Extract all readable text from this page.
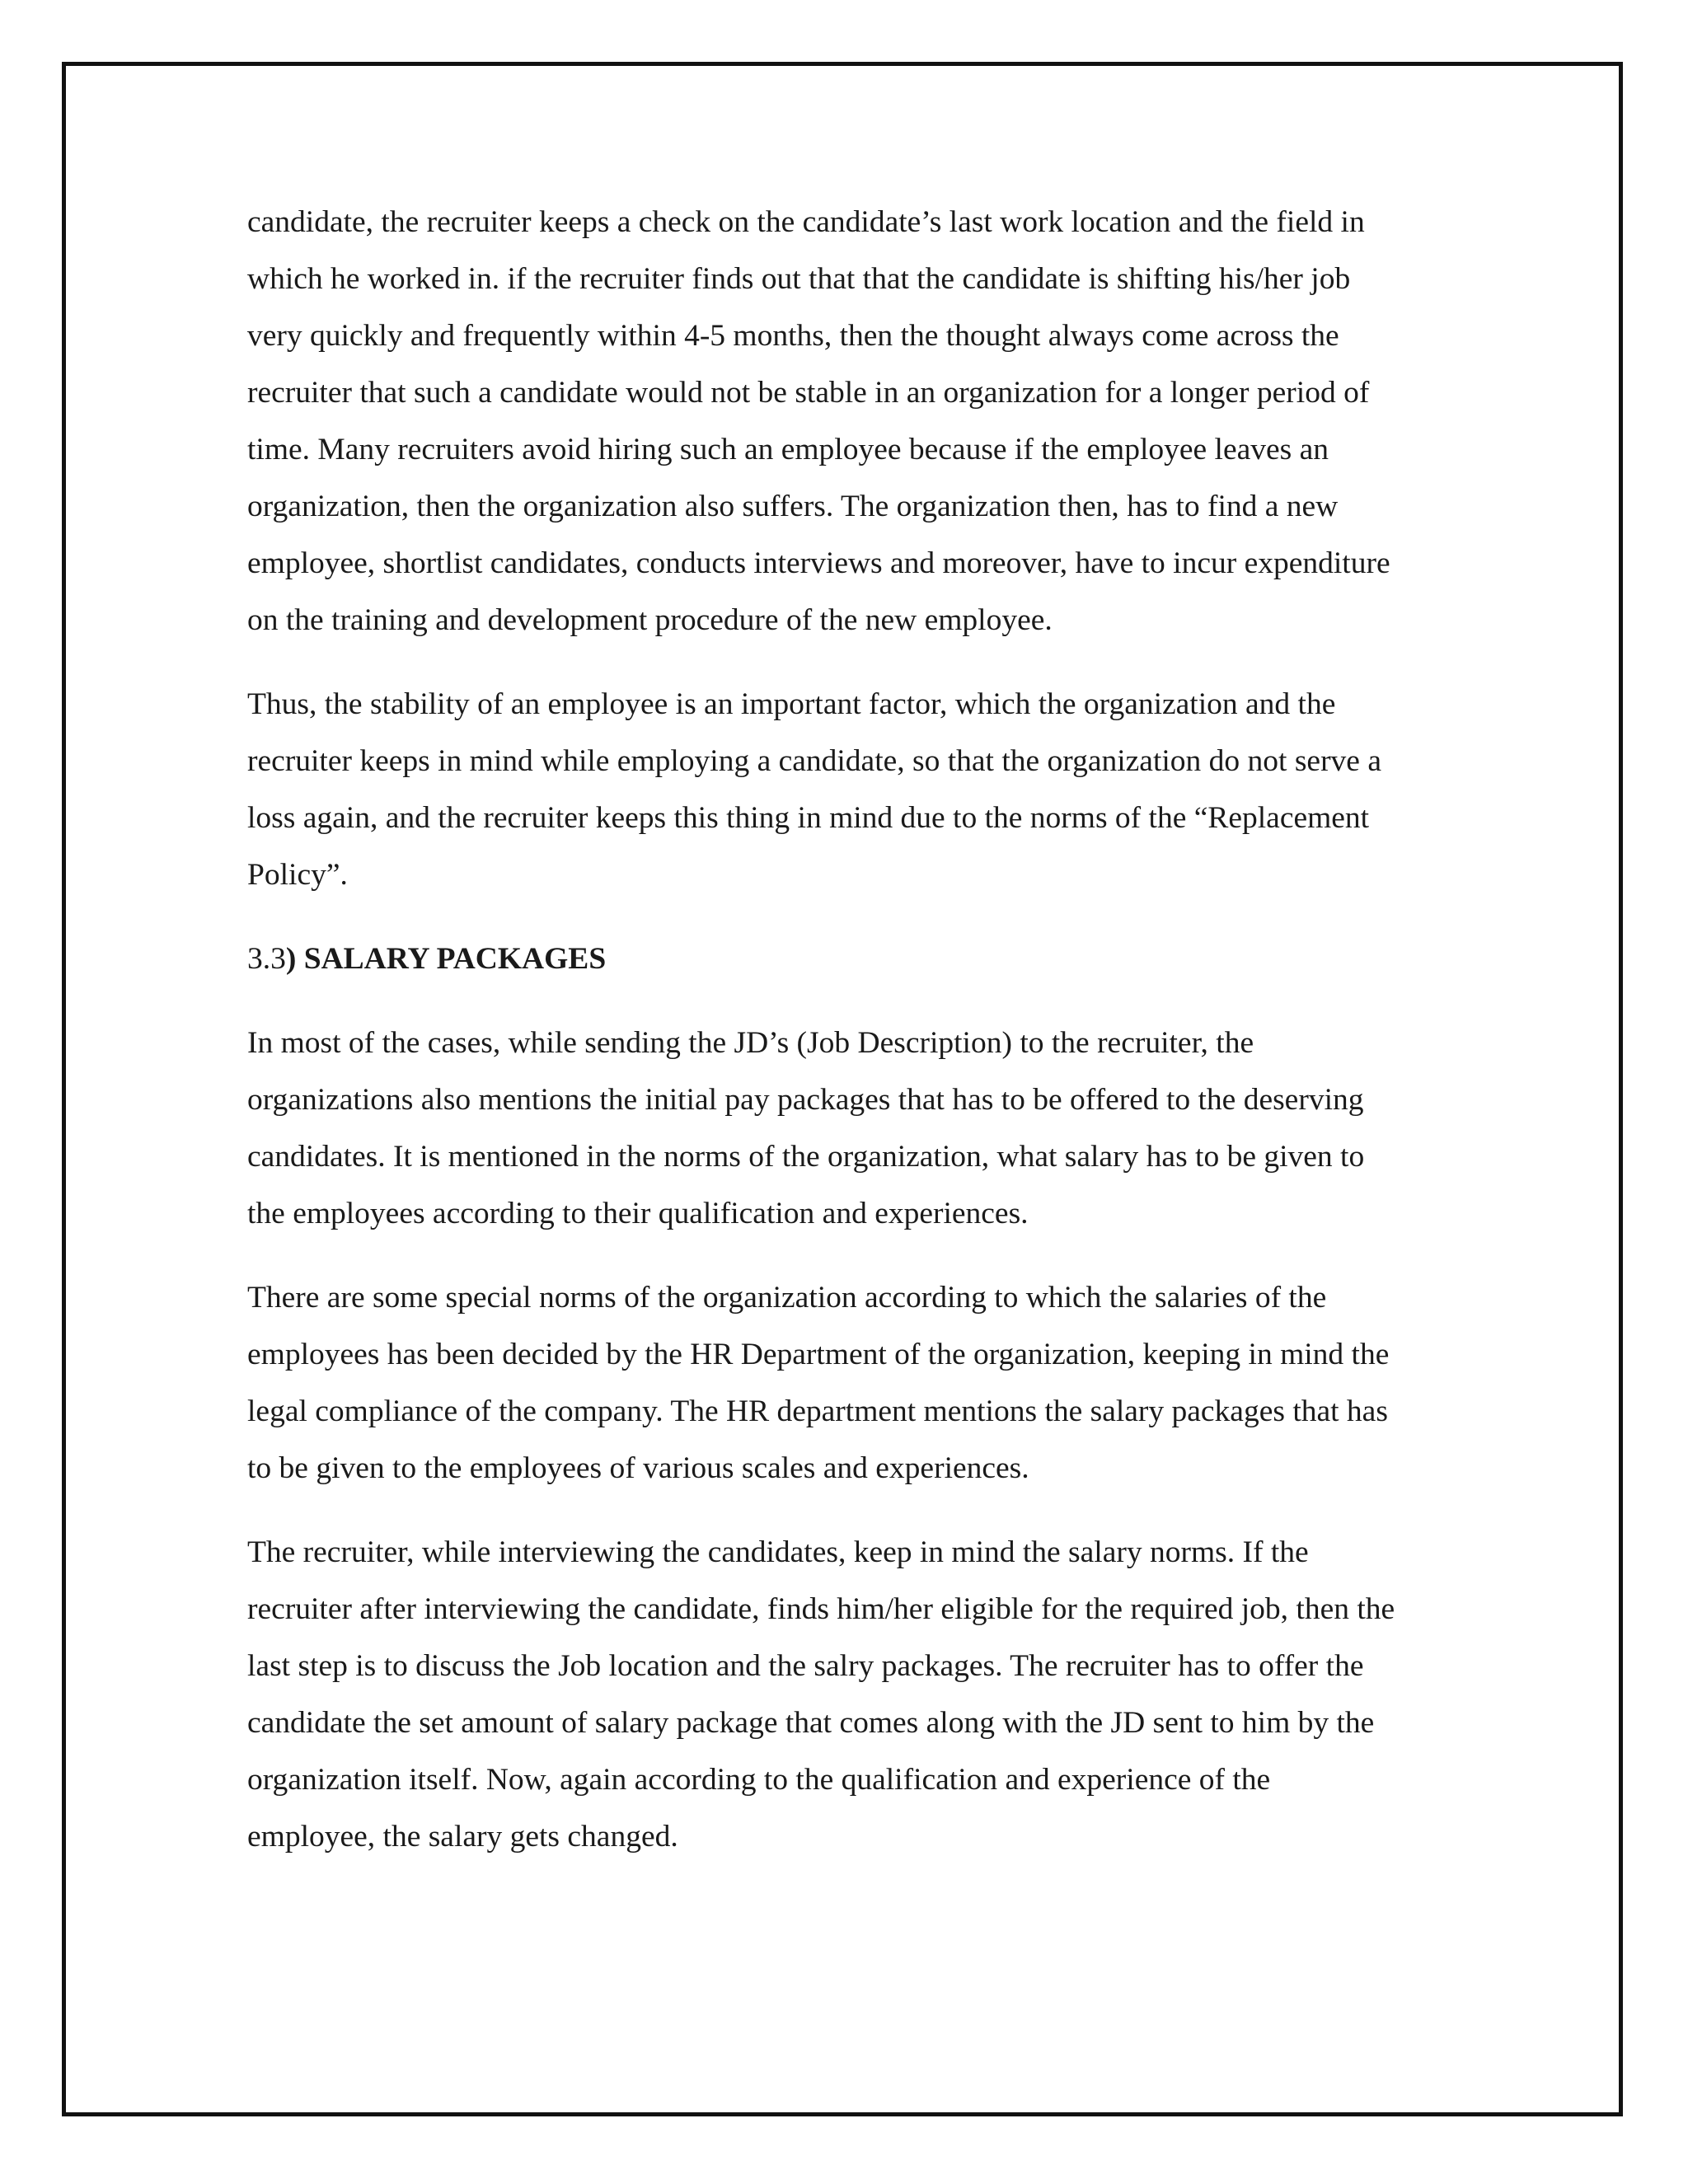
candidate, the recruiter keeps a check on the candidate’s last work location and the field in
which he worked in. if the recruiter finds out that that the candidate is shifting his/her job
very quickly and frequently within 4-5 months, then the thought always come across the
recruiter that such a candidate would not be stable in an organization for a longer period of
time. Many recruiters avoid hiring such an employee because if the employee leaves an
organization, then the organization also suffers. The organization then, has to find a new
employee, shortlist candidates, conducts interviews and moreover, have to incur expenditure
on the training and development procedure of the new employee.

Thus, the stability of an employee is an important factor, which the organization and the
recruiter keeps in mind while employing a candidate, so that the organization do not serve a
loss again, and the recruiter keeps this thing in mind due to the norms of the “Replacement
Policy”.

3.3) SALARY PACKAGES

In most of the cases, while sending the JD’s (Job Description) to the recruiter, the
organizations also mentions the initial pay packages that has to be offered to the deserving
candidates. It is mentioned in the norms of the organization, what salary has to be given to
the employees according to their qualification and experiences.

There are some special norms of the organization according to which the salaries of the
employees has been decided by the HR Department of the organization, keeping in mind the
legal compliance of the company. The HR department mentions the salary packages that has
to be given to the employees of various scales and experiences.

The recruiter, while interviewing the candidates, keep in mind the salary norms. If the
recruiter after interviewing the candidate, finds him/her eligible for the required job, then the
last step is to discuss the Job location and the salry packages. The recruiter has to offer the
candidate the set amount of salary package that comes along with the JD sent to him by the
organization itself. Now, again according to the qualification and experience of the
employee, the salary gets changed.
